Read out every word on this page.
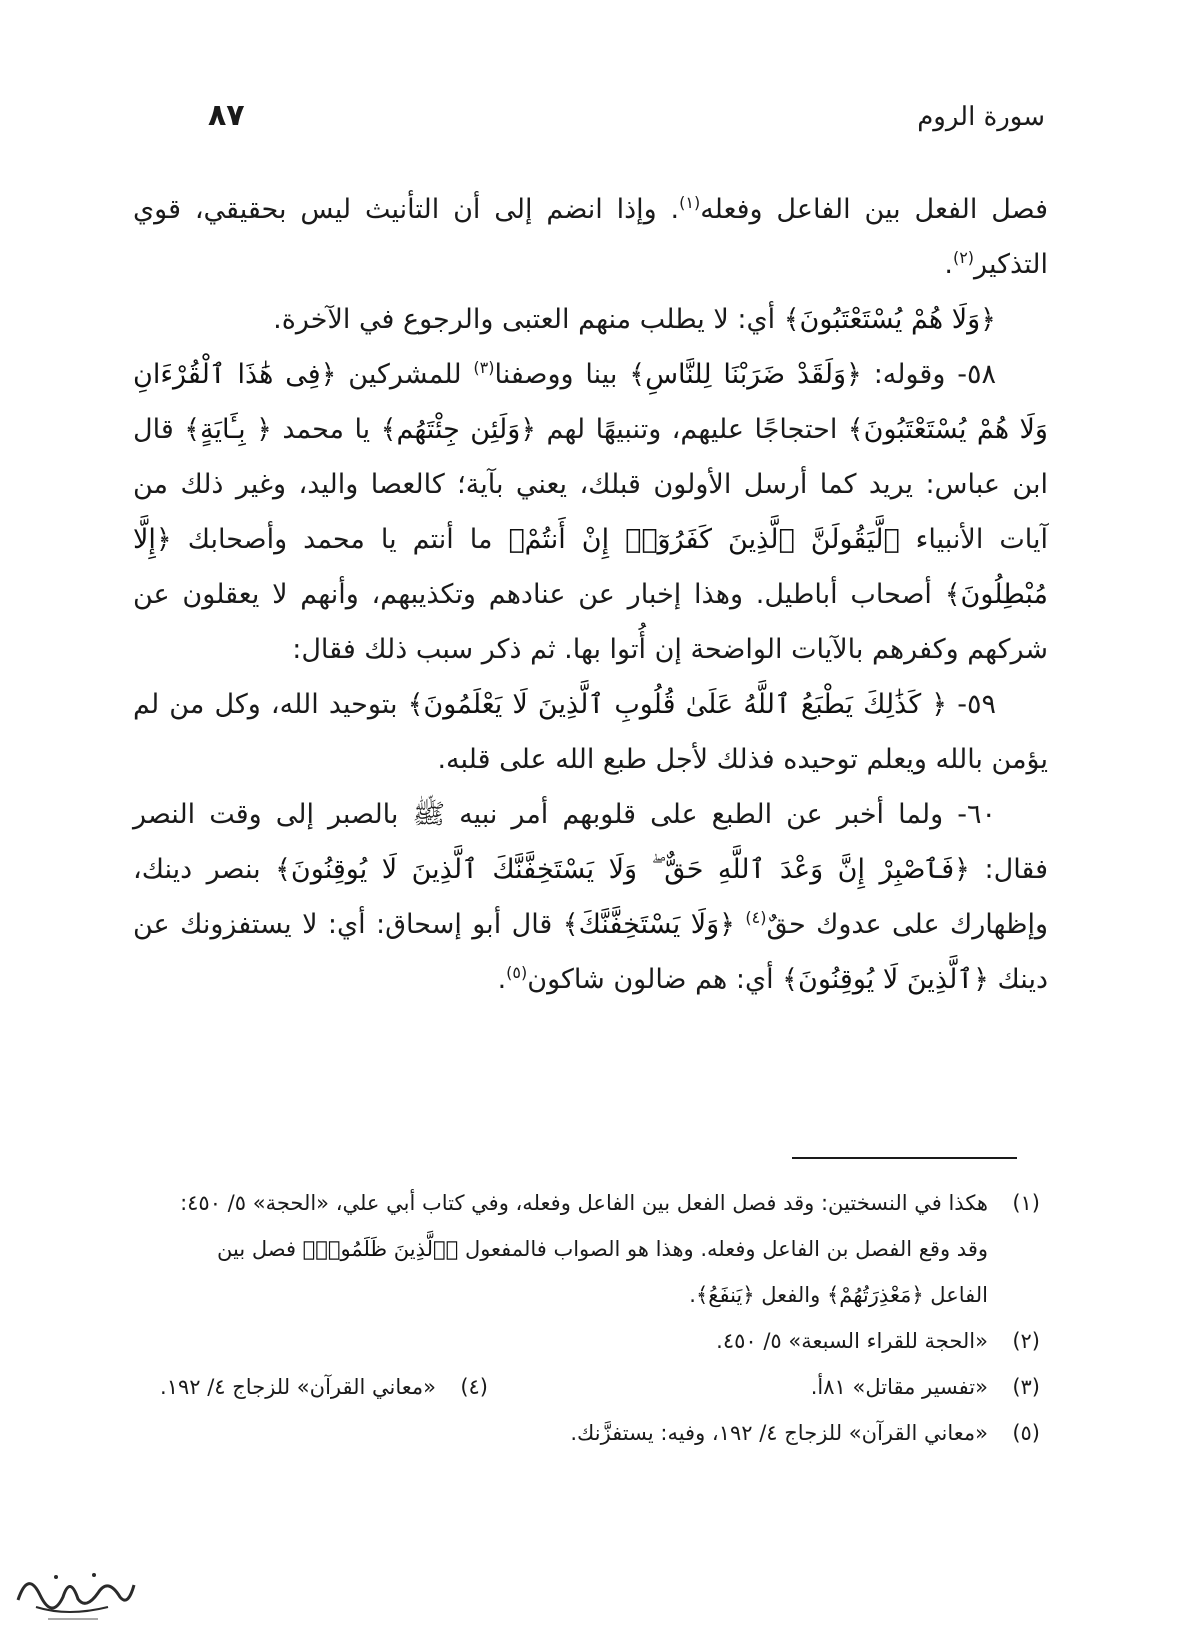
٨٧	سورة الروم

فصل الفعل بين الفاعل وفعله$^{(١)}$. وإذا انضم إلى أن التأنيث ليس بحقيقي، قوي التذكير$^{(٢)}$.

﴿وَلَا هُمْ يُسْتَعْتَبُونَ﴾ أي: لا يطلب منهم العتبى والرجوع في الآخرة.

٥٨- وقوله: ﴿وَلَقَدْ ضَرَبْنَا لِلنَّاسِ﴾ بينا ووصفنا$^{(٣)}$ للمشركين ﴿فِى هَٰذَا ٱلْقُرْءَانِ وَلَا هُمْ يُسْتَعْتَبُونَ﴾ احتجاجًا عليهم، وتنبيهًا لهم ﴿وَلَئِن جِئْتَهُم﴾ يا محمد ﴿ بِـَٔايَةٍ﴾ قال ابن عباس: يريد كما أرسل الأولون قبلك، يعني بآية؛ كالعصا واليد، وغير ذلك من آيات الأنبياء ﴿لَّيَقُولَنَّ ٱلَّذِينَ كَفَرُوٓا۟ إِنْ أَنتُمْ﴾ ما أنتم يا محمد وأصحابك ﴿إِلَّا مُبْطِلُونَ﴾ أصحاب أباطيل. وهذا إخبار عن عنادهم وتكذيبهم، وأنهم لا يعقلون عن شركهم وكفرهم بالآيات الواضحة إن أُتوا بها. ثم ذكر سبب ذلك فقال:

٥٩- ﴿ كَذَٰلِكَ يَطْبَعُ ٱللَّهُ عَلَىٰ قُلُوبِ ٱلَّذِينَ لَا يَعْلَمُونَ﴾ بتوحيد الله، وكل من لم يؤمن بالله ويعلم توحيده فذلك لأجل طبع الله على قلبه.

٦٠- ولما أخبر عن الطبع على قلوبهم أمر نبيه ﷺ بالصبر إلى وقت النصر فقال: ﴿فَٱصْبِرْ إِنَّ وَعْدَ ٱللَّهِ حَقٌّ ۖ وَلَا يَسْتَخِفَّنَّكَ ٱلَّذِينَ لَا يُوقِنُونَ﴾ بنصر دينك، وإظهارك على عدوك حقٌ$^{(٤)}$ ﴿وَلَا يَسْتَخِفَّنَّكَ﴾ قال أبو إسحاق: أي: لا يستفزونك عن دينك ﴿ٱلَّذِينَ لَا يُوقِنُونَ﴾ أي: هم ضالون شاكون$^{(٥)}$.

(١)
هكذا في النسختين: وقد فصل الفعل بين الفاعل وفعله، وفي كتاب أبي علي، «الحجة» ٥/ ٤٥٠: وقد وقع الفصل بن الفاعل وفعله. وهذا هو الصواب فالمفعول ﴿ٱلَّذِينَ ظَلَمُوا۟﴾ فصل بين الفاعل ﴿مَعْذِرَتُهُمْ﴾ والفعل ﴿يَنفَعُ﴾.
(٢)
«الحجة للقراء السبعة» ٥/ ٤٥٠.
(٣)
«تفسير مقاتل» ٨١أ.
(٤)
«معاني القرآن» للزجاج ٤/ ١٩٢.
(٥)
«معاني القرآن» للزجاج ٤/ ١٩٢، وفيه: يستفزَّنك.
